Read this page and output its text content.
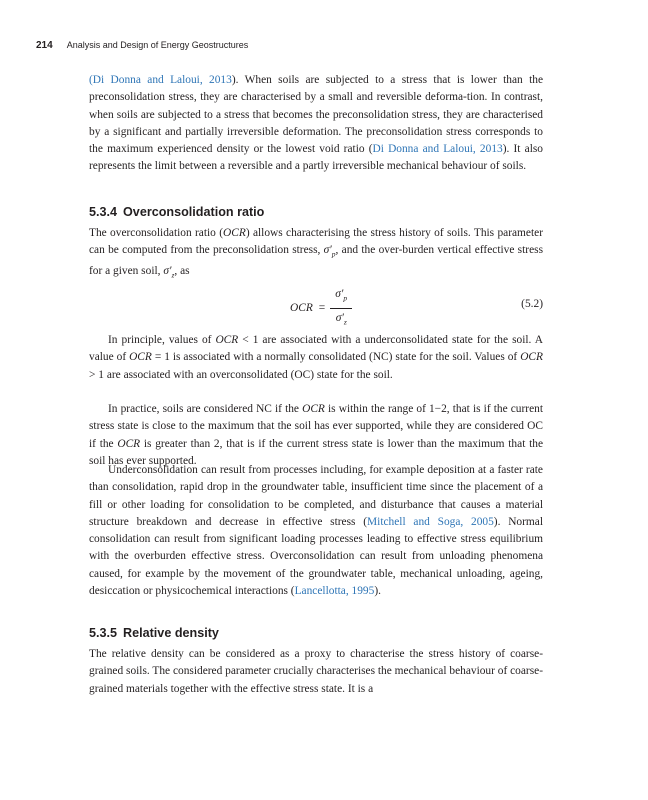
214 Analysis and Design of Energy Geostructures

(Di Donna and Laloui, 2013). When soils are subjected to a stress that is lower than the preconsolidation stress, they are characterised by a small and reversible deforma-tion. In contrast, when soils are subjected to a stress that becomes the preconsolidation stress, they are characterised by a significant and partially irreversible deformation. The preconsolidation stress corresponds to the maximum experienced density or the lowest void ratio (Di Donna and Laloui, 2013). It also represents the limit between a reversible and a partly irreversible mechanical behaviour of soils.

5.3.4 Overconsolidation ratio

The overconsolidation ratio (OCR) allows characterising the stress history of soils. This parameter can be computed from the preconsolidation stress, $\sigma'_p$, and the over-burden vertical effective stress for a given soil, $\sigma'_z$, as

OCR = $\frac{\sigma'_p}{\sigma'_z}$	(5.2)

In principle, values of OCR < 1 are associated with a underconsolidated state for the soil. A value of OCR = 1 is associated with a normally consolidated (NC) state for the soil. Values of OCR > 1 are associated with an overconsolidated (OC) state for the soil.

In practice, soils are considered NC if the OCR is within the range of 1−2, that is if the current stress state is close to the maximum that the soil has ever supported, while they are considered OC if the OCR is greater than 2, that is if the current stress state is lower than the maximum that the soil has ever supported.

Underconsolidation can result from processes including, for example deposition at a faster rate than consolidation, rapid drop in the groundwater table, insufficient time since the placement of a fill or other loading for consolidation to be completed, and disturbance that causes a material structure breakdown and decrease in effective stress (Mitchell and Soga, 2005). Normal consolidation can result from significant loading processes leading to effective stress equilibrium with the overburden effective stress. Overconsolidation can result from unloading phenomena caused, for example by the movement of the groundwater table, mechanical unloading, ageing, desiccation or physicochemical interactions (Lancellotta, 1995).

5.3.5 Relative density

The relative density can be considered as a proxy to characterise the stress history of coarse-grained soils. The considered parameter crucially characterises the mechanical behaviour of coarse-grained materials together with the effective stress state. It is a
